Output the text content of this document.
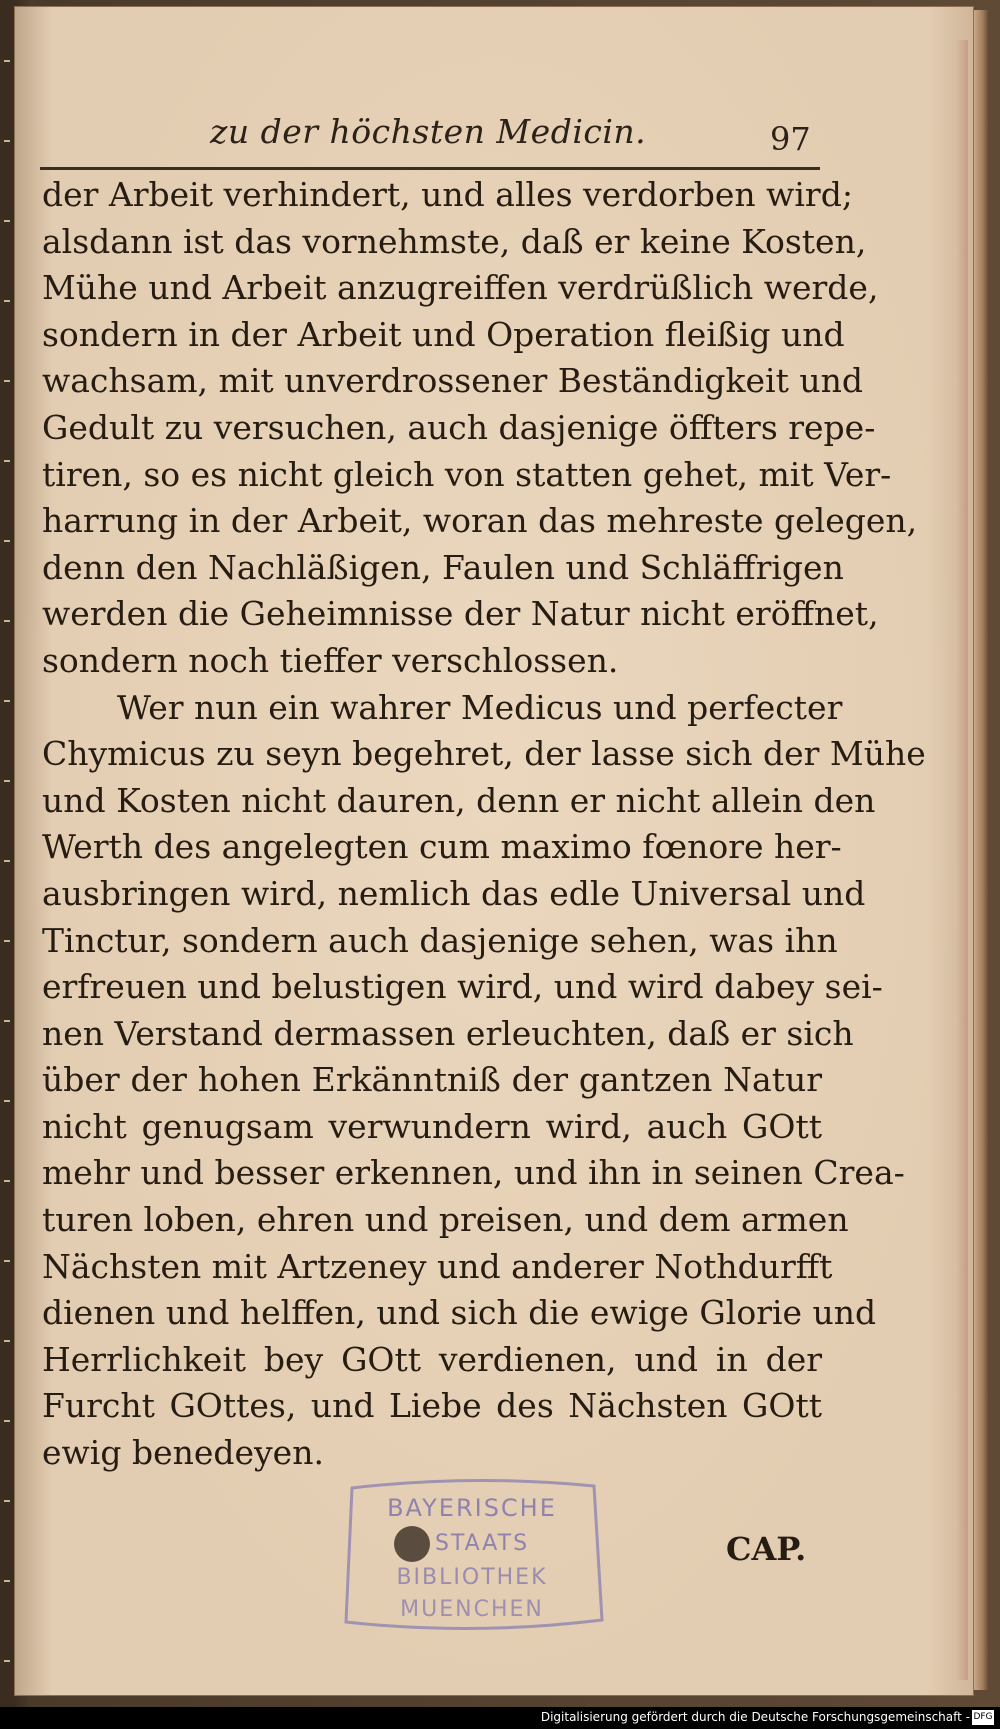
zu der höchsten Medicin.	97
der Arbeit verhindert, und alles verdorben wird;
alsdann ist das vornehmste, daß er keine Kosten,
Mühe und Arbeit anzugreiffen verdrüßlich werde,
sondern in der Arbeit und Operation fleißig und
wachsam, mit unverdrossener Beständigkeit und
Gedult zu versuchen, auch dasjenige öffters repe-
tiren, so es nicht gleich von statten gehet, mit Ver-
harrung in der Arbeit, woran das mehreste gelegen,
denn den Nachläßigen, Faulen und Schläffrigen
werden die Geheimnisse der Natur nicht eröffnet,
sondern noch tieffer verschlossen.
Wer nun ein wahrer Medicus und perfecter
Chymicus zu seyn begehret, der lasse sich der Mühe
und Kosten nicht dauren, denn er nicht allein den
Werth des angelegten cum maximo fœnore her-
ausbringen wird, nemlich das edle Universal und
Tinctur, sondern auch dasjenige sehen, was ihn
erfreuen und belustigen wird, und wird dabey sei-
nen Verstand dermassen erleuchten, daß er sich
über der hohen Erkänntniß der gantzen Natur
nicht genugsam verwundern wird, auch GOtt
mehr und besser erkennen, und ihn in seinen Crea-
turen loben, ehren und preisen, und dem armen
Nächsten mit Artzeney und anderer Nothdurfft
dienen und helffen, und sich die ewige Glorie und
Herrlichkeit bey GOtt verdienen, und in der
Furcht GOttes, und Liebe des Nächsten GOtt
ewig benedeyen.
BAYERISCHE
STAATS
BIBLIOTHEK
MUENCHEN
CAP.
Digitalisierung gefördert durch die Deutsche Forschungsgemeinschaft - DFG
